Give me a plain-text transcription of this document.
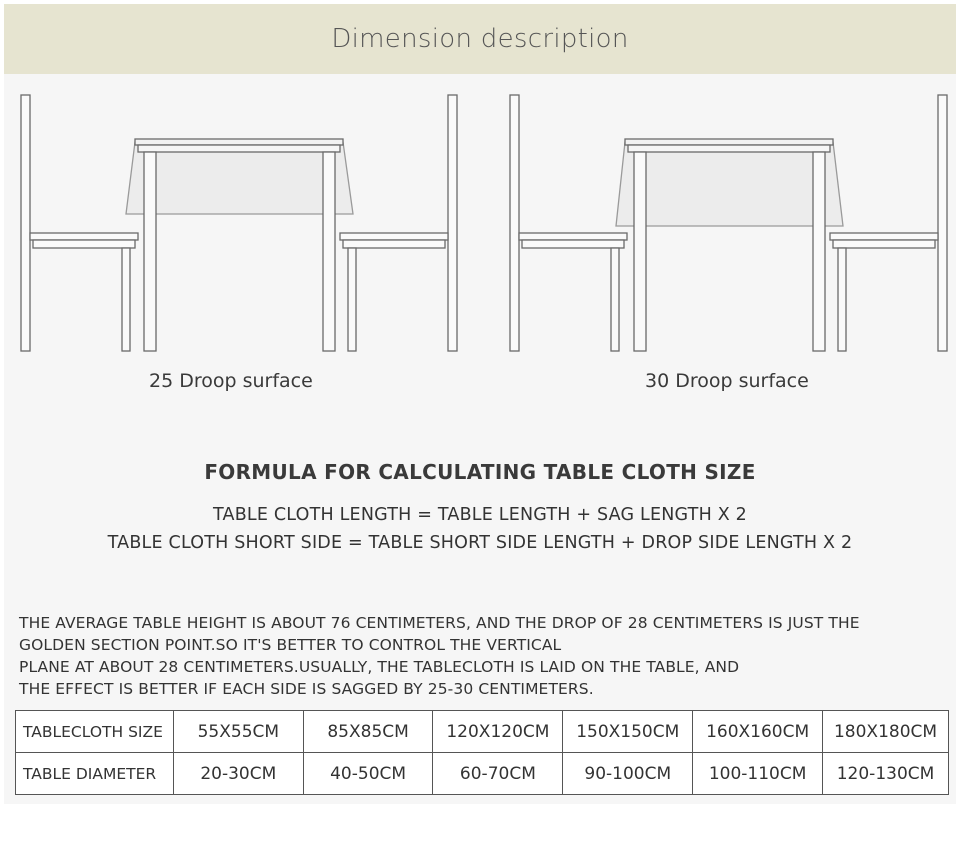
Dimension description
25 Droop surface	30 Droop surface
FORMULA FOR CALCULATING TABLE CLOTH SIZE
TABLE CLOTH LENGTH = TABLE LENGTH + SAG LENGTH X 2
TABLE CLOTH SHORT SIDE = TABLE SHORT SIDE LENGTH + DROP SIDE LENGTH X 2
THE AVERAGE TABLE HEIGHT IS ABOUT 76 CENTIMETERS, AND THE DROP OF 28 CENTIMETERS IS JUST THE
GOLDEN SECTION POINT.SO IT'S BETTER TO CONTROL THE VERTICAL
PLANE AT ABOUT 28 CENTIMETERS.USUALLY, THE TABLECLOTH IS LAID ON THE TABLE, AND
THE EFFECT IS BETTER IF EACH SIDE IS SAGGED BY 25-30 CENTIMETERS.
TABLECLOTH SIZE	55X55CM	85X85CM	120X120CM	150X150CM	160X160CM	180X180CM
TABLE DIAMETER	20-30CM	40-50CM	60-70CM	90-100CM	100-110CM	120-130CM
